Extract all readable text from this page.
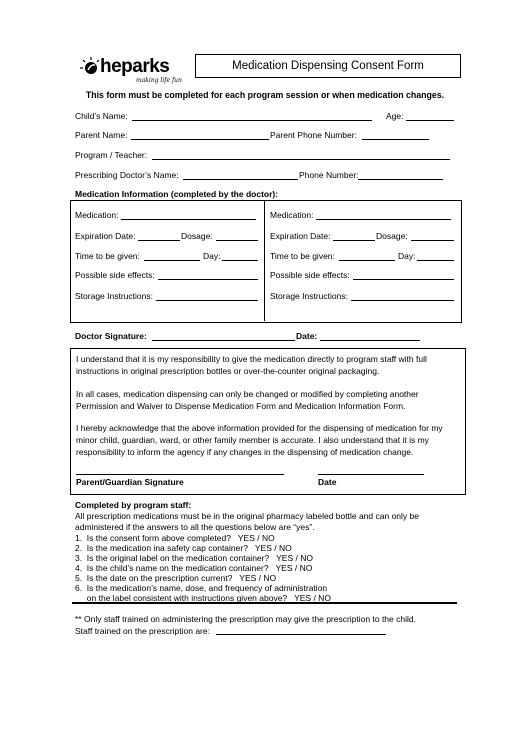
heparks
making life fun
Medication Dispensing Consent Form
This form must be completed for each program session or when medication changes.
Child’s Name:	Age:
Parent Name:	Parent Phone Number:
Program / Teacher:
Prescribing Doctor’s Name:	Phone Number:
Medication Information (completed by the doctor):
Medication:
Expiration Date:	Dosage:
Time to be given:	Day:
Possible side effects:
Storage Instructions:
Medication:
Expiration Date:	Dosage:
Time to be given:	Day:
Possible side effects:
Storage Instructions:
Doctor Signature:	Date:
I understand that it is my responsibility to give the medication directly to program staff with full
instructions in original prescription bottles or over-the-counter original packaging.
In all cases, medication dispensing can only be changed or modified by completing another
Permission and Waiver to Dispense Medication Form and Medication Information Form.
I hereby acknowledge that the above information provided for the dispensing of medication for my
minor child, guardian, ward, or other family member is accurate. I also understand that it is my
responsibility to inform the agency if any changes in the dispensing of medication change.
Parent/Guardian Signature	Date
Completed by program staff:
All prescription medications must be in the original pharmacy labeled bottle and can only be
administered if the answers to all the questions below are “yes”.
1.  Is the consent form above completed?   YES / NO
2.  Is the medication ina safety cap container?   YES / NO
3.  Is the original label on the medication container?   YES / NO
4.  Is the child’s name on the medication container?   YES / NO
5.  Is the date on the prescription current?   YES / NO
6.  Is the medication’s name, dose, and frequency of administration
on the label consistent with instructions given above?   YES / NO
** Only staff trained on administering the prescription may give the prescription to the child.
Staff trained on the prescription are:
